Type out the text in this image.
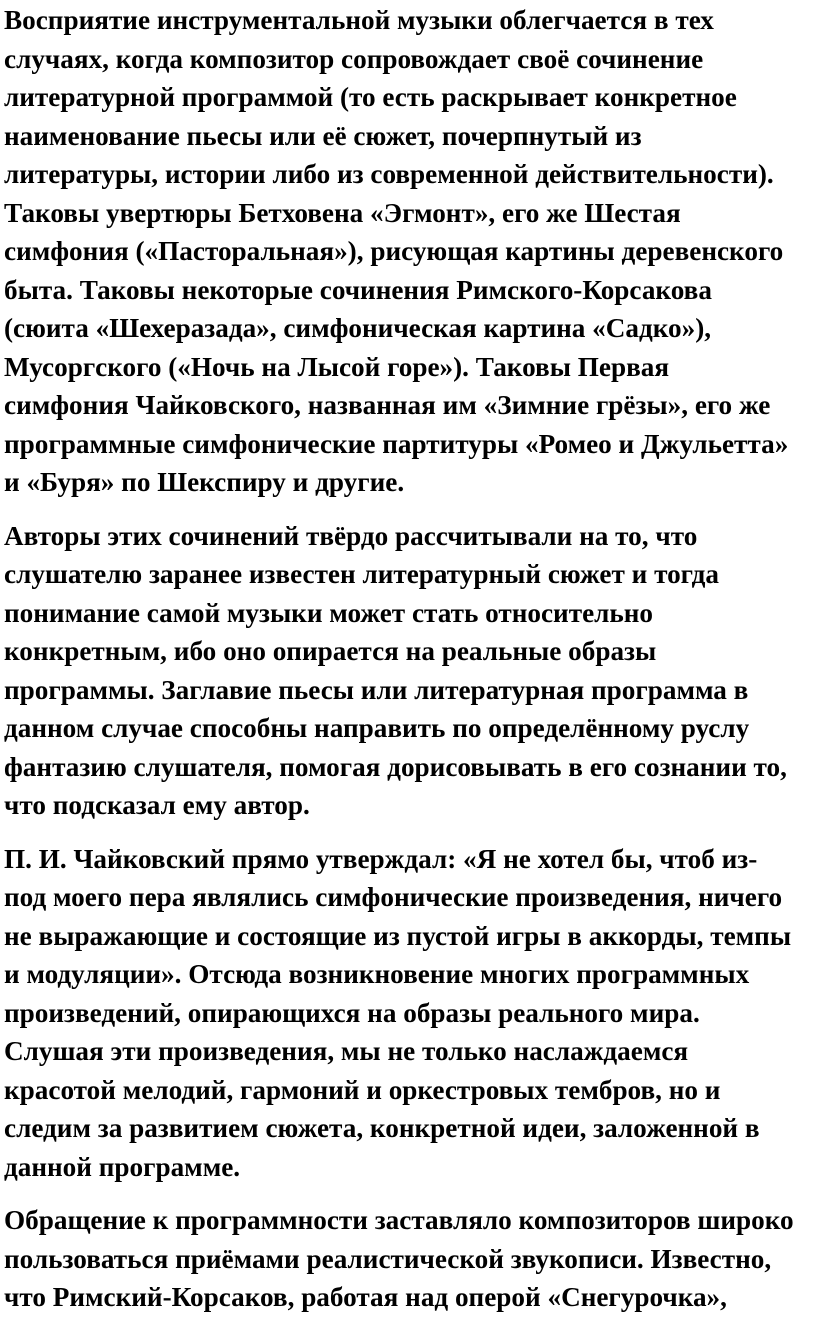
Восприятие инструментальной музыки облегчается в тех
случаях, когда композитор сопровождает своё сочинение
литературной программой (то есть раскрывает конкретное
наименование пьесы или её сюжет, почерпнутый из
литературы, истории либо из современной действительности).
Таковы увертюры Бетховена «Эгмонт», его же Шестая
симфония («Пасторальная»), рисующая картины деревенского
быта. Таковы некоторые сочинения Римского-Корсакова
(сюита «Шехеразада», симфоническая картина «Садко»),
Мусоргского («Ночь на Лысой горе»). Таковы Первая
симфония Чайковского, названная им «Зимние грёзы», его же
программные симфонические партитуры «Ромео и Джульетта»
и «Буря» по Шекспиру и другие.

Авторы этих сочинений твёрдо рассчитывали на то, что
слушателю заранее известен литературный сюжет и тогда
понимание самой музыки может стать относительно
конкретным, ибо оно опирается на реальные образы
программы. Заглавие пьесы или литературная программа в
данном случае способны направить по определённому руслу
фантазию слушателя, помогая дорисовывать в его сознании то,
что подсказал ему автор.

П. И. Чайковский прямо утверждал: «Я не хотел бы, чтоб из-
под моего пера являлись симфонические произведения, ничего
не выражающие и состоящие из пустой игры в аккорды, темпы
и модуляции». Отсюда возникновение многих программных
произведений, опирающихся на образы реального мира.
Слушая эти произведения, мы не только наслаждаемся
красотой мелодий, гармоний и оркестровых тембров, но и
следим за развитием сюжета, конкретной идеи, заложенной в
данной программе.

Обращение к программности заставляло композиторов широко
пользоваться приёмами реалистической звукописи. Известно,
что Римский-Корсаков, работая над оперой «Снегурочка»,
